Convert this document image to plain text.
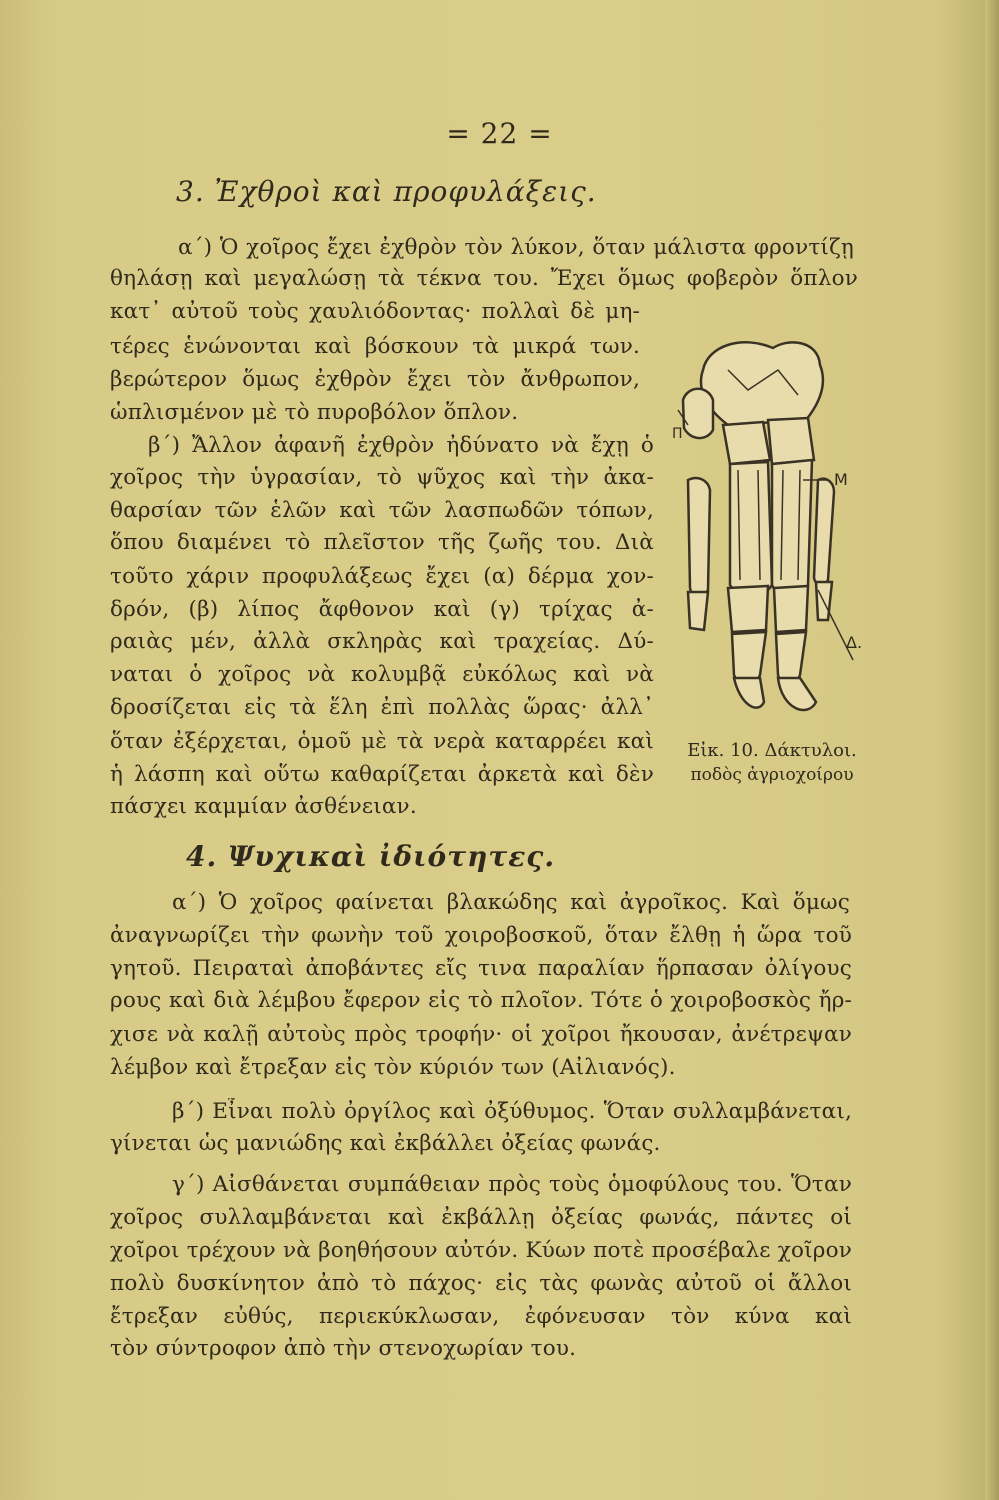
= 22 =
3. Ἐχθροὶ καὶ προφυλάξεις.
α΄) Ὁ χοῖρος ἔχει ἐχθρὸν τὸν λύκον, ὅταν μάλιστα φροντίζῃ
θηλάσῃ καὶ μεγαλώσῃ τὰ τέκνα του. Ἔχει ὅμως φοβερὸν ὅπλον
κατ᾽ αὐτοῦ τοὺς χαυλιόδοντας· πολλαὶ δὲ μη-
τέρες ἑνώνονται καὶ βόσκουν τὰ μικρά των.
βερώτερον ὅμως ἐχθρὸν ἔχει τὸν ἄνθρωπον,
ὡπλισμένον μὲ τὸ πυροβόλον ὅπλον.
β΄) Ἄλλον ἀφανῆ ἐχθρὸν ἠδύνατο νὰ ἔχῃ ὁ
χοῖρος τὴν ὑγρασίαν, τὸ ψῦχος καὶ τὴν ἀκα-
θαρσίαν τῶν ἑλῶν καὶ τῶν λασπωδῶν τόπων,
ὅπου διαμένει τὸ πλεῖστον τῆς ζωῆς του. Διὰ
τοῦτο χάριν προφυλάξεως ἔχει (α) δέρμα χον-
δρόν, (β) λίπος ἄφθονον καὶ (γ) τρίχας ἀ-
ραιὰς μέν, ἀλλὰ σκληρὰς καὶ τραχείας. Δύ-
ναται ὁ χοῖρος νὰ κολυμβᾷ εὐκόλως καὶ νὰ
δροσίζεται εἰς τὰ ἕλη ἐπὶ πολλὰς ὥρας· ἀλλ᾽
ὅταν ἐξέρχεται, ὁμοῦ μὲ τὰ νερὰ καταρρέει καὶ
ἡ λάσπη καὶ οὕτω καθαρίζεται ἀρκετὰ καὶ δὲν
πάσχει καμμίαν ἀσθένειαν.
Μ
Δ.
Π
Εἰκ. 10. Δάκτυλοι.
ποδὸς ἀγριοχοίρου
4. Ψυχικαὶ ἰδιότητες.
α΄) Ὁ χοῖρος φαίνεται βλακώδης καὶ ἀγροῖκος. Καὶ ὅμως
ἀναγνωρίζει τὴν φωνὴν τοῦ χοιροβοσκοῦ, ὅταν ἔλθῃ ἡ ὥρα τοῦ
γητοῦ. Πειραταὶ ἀποβάντες εἴς τινα παραλίαν ἥρπασαν ὀλίγους
ρους καὶ διὰ λέμβου ἔφερον εἰς τὸ πλοῖον. Τότε ὁ χοιροβοσκὸς ἤρ-
χισε νὰ καλῇ αὐτοὺς πρὸς τροφήν· οἱ χοῖροι ἤκουσαν, ἀνέτρεψαν
λέμβον καὶ ἔτρεξαν εἰς τὸν κύριόν των (Αἰλιανός).
β΄) Εἶναι πολὺ ὀργίλος καὶ ὀξύθυμος. Ὅταν συλλαμβάνεται,
γίνεται ὡς μανιώδης καὶ ἐκβάλλει ὀξείας φωνάς.
γ΄) Αἰσθάνεται συμπάθειαν πρὸς τοὺς ὁμοφύλους του. Ὅταν
χοῖρος συλλαμβάνεται καὶ ἐκβάλλῃ ὀξείας φωνάς, πάντες οἱ
χοῖροι τρέχουν νὰ βοηθήσουν αὐτόν. Κύων ποτὲ προσέβαλε χοῖρον
πολὺ δυσκίνητον ἀπὸ τὸ πάχος· εἰς τὰς φωνὰς αὐτοῦ οἱ ἄλλοι
ἔτρεξαν εὐθύς, περιεκύκλωσαν, ἐφόνευσαν τὸν κύνα καὶ
τὸν σύντροφον ἀπὸ τὴν στενοχωρίαν του.
